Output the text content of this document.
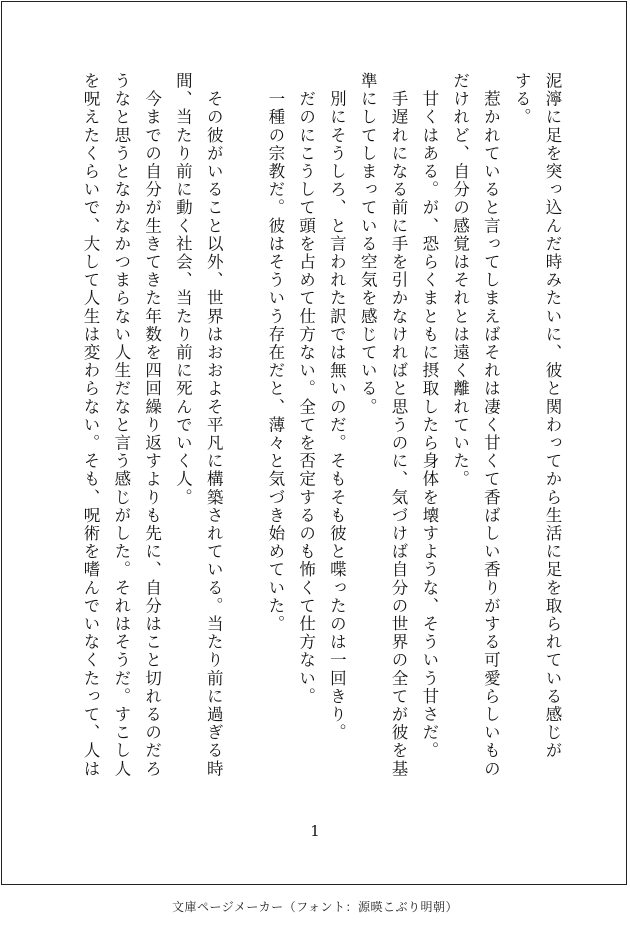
泥濘に足を突っ込んだ時みたいに、彼と関わってから生活に足を取られている感じが
する。
　惹かれていると言ってしまえばそれは凄く甘くて香ばしい香りがする可愛らしいもの
だけれど、自分の感覚はそれとは遠く離れていた。
　甘くはある。が、恐らくまともに摂取したら身体を壊すような、そういう甘さだ。
　手遅れになる前に手を引かなければと思うのに、気づけば自分の世界の全てが彼を基
準にしてしまっている空気を感じている。
　別にそうしろ、と言われた訳では無いのだ。そもそも彼と喋ったのは一回きり。
　だのにこうして頭を占めて仕方ない。全てを否定するのも怖くて仕方ない。
　一種の宗教だ。彼はそういう存在だと、薄々と気づき始めていた。
　その彼がいること以外、世界はおおよそ平凡に構築されている。当たり前に過ぎる時
間、当たり前に動く社会、当たり前に死んでいく人。
　今までの自分が生きてきた年数を四回繰り返すよりも先に、自分はこと切れるのだろ
うなと思うとなかなかつまらない人生だなと言う感じがした。それはそうだ。すこし人
を呪えたくらいで、大して人生は変わらない。そも、呪術を嗜んでいなくたって、人は
1
文庫ページメーカー（フォント：源暎こぶり明朝）
